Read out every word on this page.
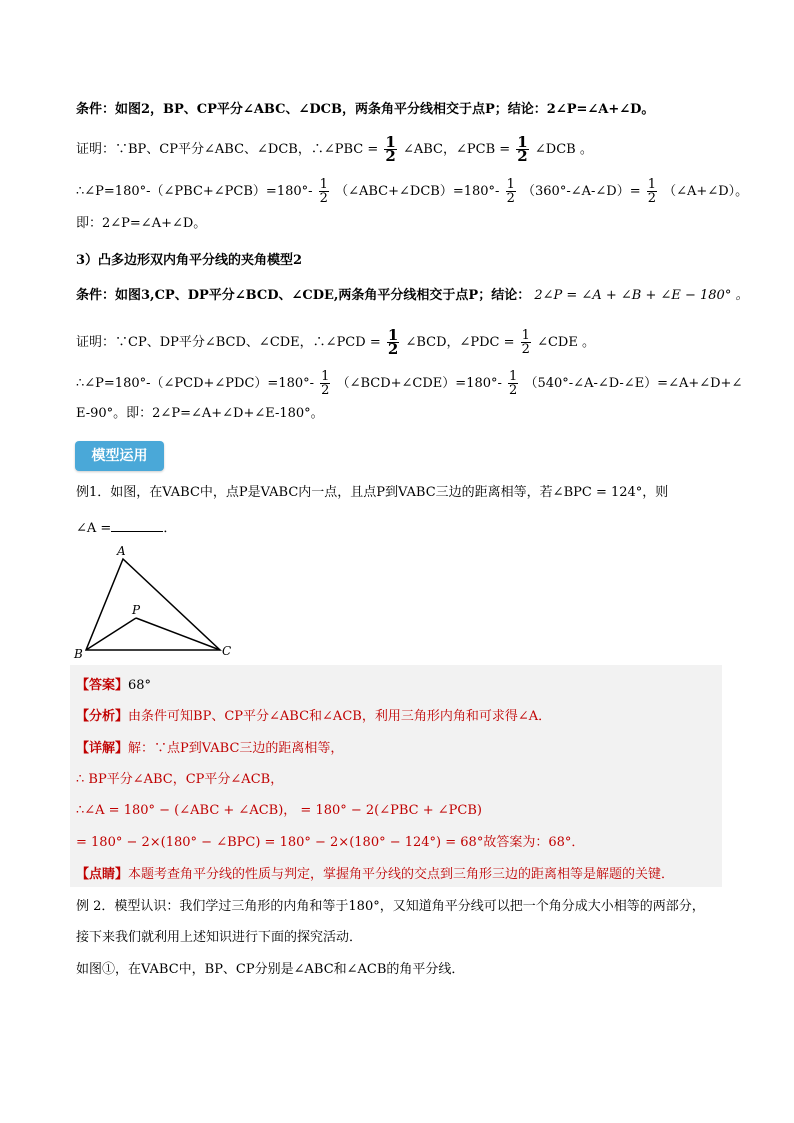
条件：如图2，BP、CP平分∠ABC、∠DCB，两条角平分线相交于点P；结论：2∠P=∠A+∠D。
证明：∵BP、CP平分∠ABC、∠DCB，∴∠PBC = $\frac{1}{2}$ ∠ABC，∠PCB = $\frac{1}{2}$ ∠DCB 。
∴∠P=180°-（∠PBC+∠PCB）=180°- $\frac{1}{2}$ （∠ABC+∠DCB）=180°- $\frac{1}{2}$ （360°-∠A-∠D）= $\frac{1}{2}$ （∠A+∠D）。
即：2∠P=∠A+∠D。
3）凸多边形双内角平分线的夹角模型2
条件：如图3,CP、DP平分∠BCD、∠CDE,两条角平分线相交于点P；结论： 2∠P = ∠A + ∠B + ∠E − 180° 。
证明：∵CP、DP平分∠BCD、∠CDE，∴∠PCD = $\frac{1}{2}$ ∠BCD，∠PDC = $\frac{1}{2}$ ∠CDE 。
∴∠P=180°-（∠PCD+∠PDC）=180°- $\frac{1}{2}$ （∠BCD+∠CDE）=180°- $\frac{1}{2}$ （540°-∠A-∠D-∠E）=∠A+∠D+∠
E-90°。即：2∠P=∠A+∠D+∠E-180°。
模型运用
例1．如图，在VABC中，点P是VABC内一点，且点P到VABC三边的距离相等，若∠BPC = 124°，则
∠A =	．
A
B	C
P
【答案】68°
【分析】由条件可知BP、CP平分∠ABC和∠ACB，利用三角形内角和可求得∠A．
【详解】解：∵点P到VABC三边的距离相等，
∴ BP平分∠ABC，CP平分∠ACB，
∴∠A = 180° − (∠ABC + ∠ACB)， = 180° − 2(∠PBC + ∠PCB)
= 180° − 2×(180° − ∠BPC) = 180° − 2×(180° − 124°) = 68°故答案为：68°．
【点睛】本题考查角平分线的性质与判定，掌握角平分线的交点到三角形三边的距离相等是解题的关键．
例 2．模型认识：我们学过三角形的内角和等于180°，又知道角平分线可以把一个角分成大小相等的两部分，
接下来我们就利用上述知识进行下面的探究活动．
如图①，在VABC中，BP、CP分别是∠ABC和∠ACB的角平分线．
